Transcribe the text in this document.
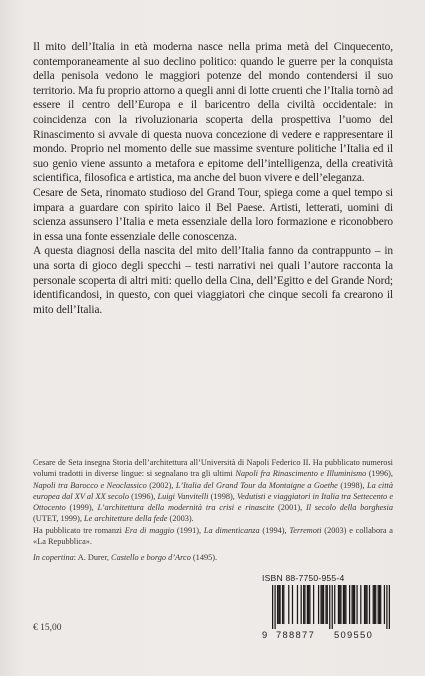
Il mito dell’Italia in età moderna nasce nella prima metà del Cinquecento, contemporaneamente al suo declino politico: quando le guerre per la conquista della penisola vedono le maggiori potenze del mondo contendersi il suo territorio. Ma fu proprio attorno a quegli anni di lotte cruenti che l’Italia tornò ad essere il centro dell’Europa e il baricentro della civiltà occidentale: in coincidenza con la rivoluzionaria scoperta della prospettiva l’uomo del Rinascimento si avvale di questa nuova concezione di vedere e rappresentare il mondo. Proprio nel momento delle sue massime sventure politiche l’Italia ed il suo genio viene assunto a metafora e epitome dell’intelligenza, della creatività scientifica, filosofica e artistica, ma anche del buon vivere e dell’eleganza.

Cesare de Seta, rinomato studioso del Grand Tour, spiega come a quel tempo si impara a guardare con spirito laico il Bel Paese. Artisti, letterati, uomini di scienza assunsero l’Italia e meta essenziale della loro formazione e riconobbero in essa una fonte essenziale delle conoscenza.

A questa diagnosi della nascita del mito dell’Italia fanno da contrappunto – in una sorta di gioco degli specchi – testi narrativi nei quali l’autore racconta la personale scoperta di altri miti: quello della Cina, dell’Egitto e del Grande Nord; identificandosi, in questo, con quei viaggiatori che cinque secoli fa crearono il mito dell’Italia.

Cesare de Seta insegna Storia dell’architettura all’Università di Napoli Federico II. Ha pubblicato numerosi volumi tradotti in diverse lingue: si segnalano tra gli ultimi Napoli fra Rinascimento e Illuminismo (1996), Napoli tra Barocco e Neoclassico (2002), L’Italia del Grand Tour da Montaigne a Goethe (1998), La città europea dal XV al XX secolo (1996), Luigi Vanvitelli (1998), Vedutisti e viaggiatori in Italia tra Settecento e Ottocento (1999), L’architettura della modernità tra crisi e rinascite (2001), Il secolo della borghesia (UTET, 1999), Le architetture della fede (2003).

Ha pubblicato tre romanzi Era di maggio (1991), La dimenticanza (1994), Terremoti (2003) e collabora a «La Repubblica».

In copertina: A. Durer, Castello e borgo d’Arco (1495).
€ 15,00
ISBN 88-7750-955-4
9 788877 509550
